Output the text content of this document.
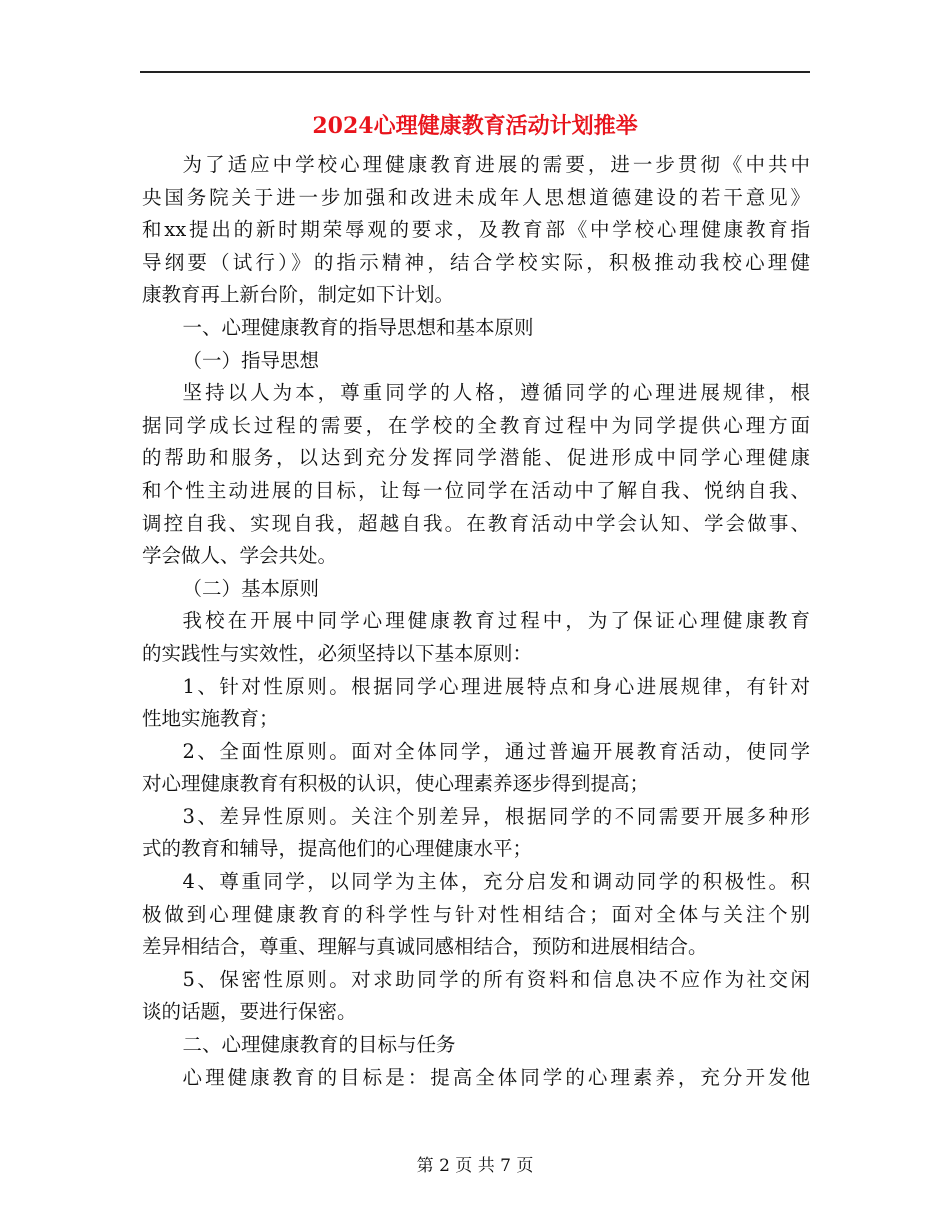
2024心理健康教育活动计划推举
为了适应中学校心理健康教育进展的需要，进一步贯彻《中共中
央国务院关于进一步加强和改进未成年人思想道德建设的若干意见》
和xx提出的新时期荣辱观的要求，及教育部《中学校心理健康教育指
导纲要（试行）》的指示精神，结合学校实际，积极推动我校心理健
康教育再上新台阶，制定如下计划。
一、心理健康教育的指导思想和基本原则
（一）指导思想
坚持以人为本，尊重同学的人格，遵循同学的心理进展规律，根
据同学成长过程的需要，在学校的全教育过程中为同学提供心理方面
的帮助和服务，以达到充分发挥同学潜能、促进形成中同学心理健康
和个性主动进展的目标，让每一位同学在活动中了解自我、悦纳自我、
调控自我、实现自我，超越自我。在教育活动中学会认知、学会做事、
学会做人、学会共处。
（二）基本原则
我校在开展中同学心理健康教育过程中，为了保证心理健康教育
的实践性与实效性，必须坚持以下基本原则：
1、针对性原则。根据同学心理进展特点和身心进展规律，有针对
性地实施教育；
2、全面性原则。面对全体同学，通过普遍开展教育活动，使同学
对心理健康教育有积极的认识，使心理素养逐步得到提高；
3、差异性原则。关注个别差异，根据同学的不同需要开展多种形
式的教育和辅导，提高他们的心理健康水平；
4、尊重同学，以同学为主体，充分启发和调动同学的积极性。积
极做到心理健康教育的科学性与针对性相结合；面对全体与关注个别
差异相结合，尊重、理解与真诚同感相结合，预防和进展相结合。
5、保密性原则。对求助同学的所有资料和信息决不应作为社交闲
谈的话题，要进行保密。
二、心理健康教育的目标与任务
心理健康教育的目标是：提高全体同学的心理素养，充分开发他
第 2 页 共 7 页
